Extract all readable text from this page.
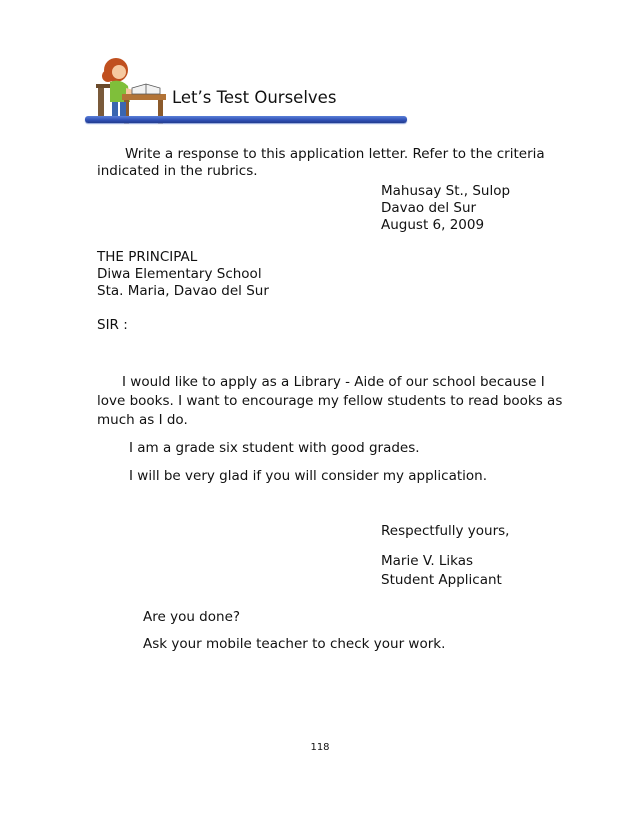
Let’s Test Ourselves
Write a response to this application letter. Refer to the criteria
indicated in the rubrics.
Mahusay St., Sulop
Davao del Sur
August 6, 2009
THE PRINCIPAL
Diwa Elementary School
Sta. Maria, Davao del Sur
SIR :
I would like to apply as a Library - Aide of our school because I
love books. I want to encourage my fellow students to read books as
much as I do.
I am a grade six student with good grades.
I will be very glad if you will consider my application.
Respectfully yours,
Marie V. Likas
Student Applicant
Are you done?
Ask your mobile teacher to check your work.
118
